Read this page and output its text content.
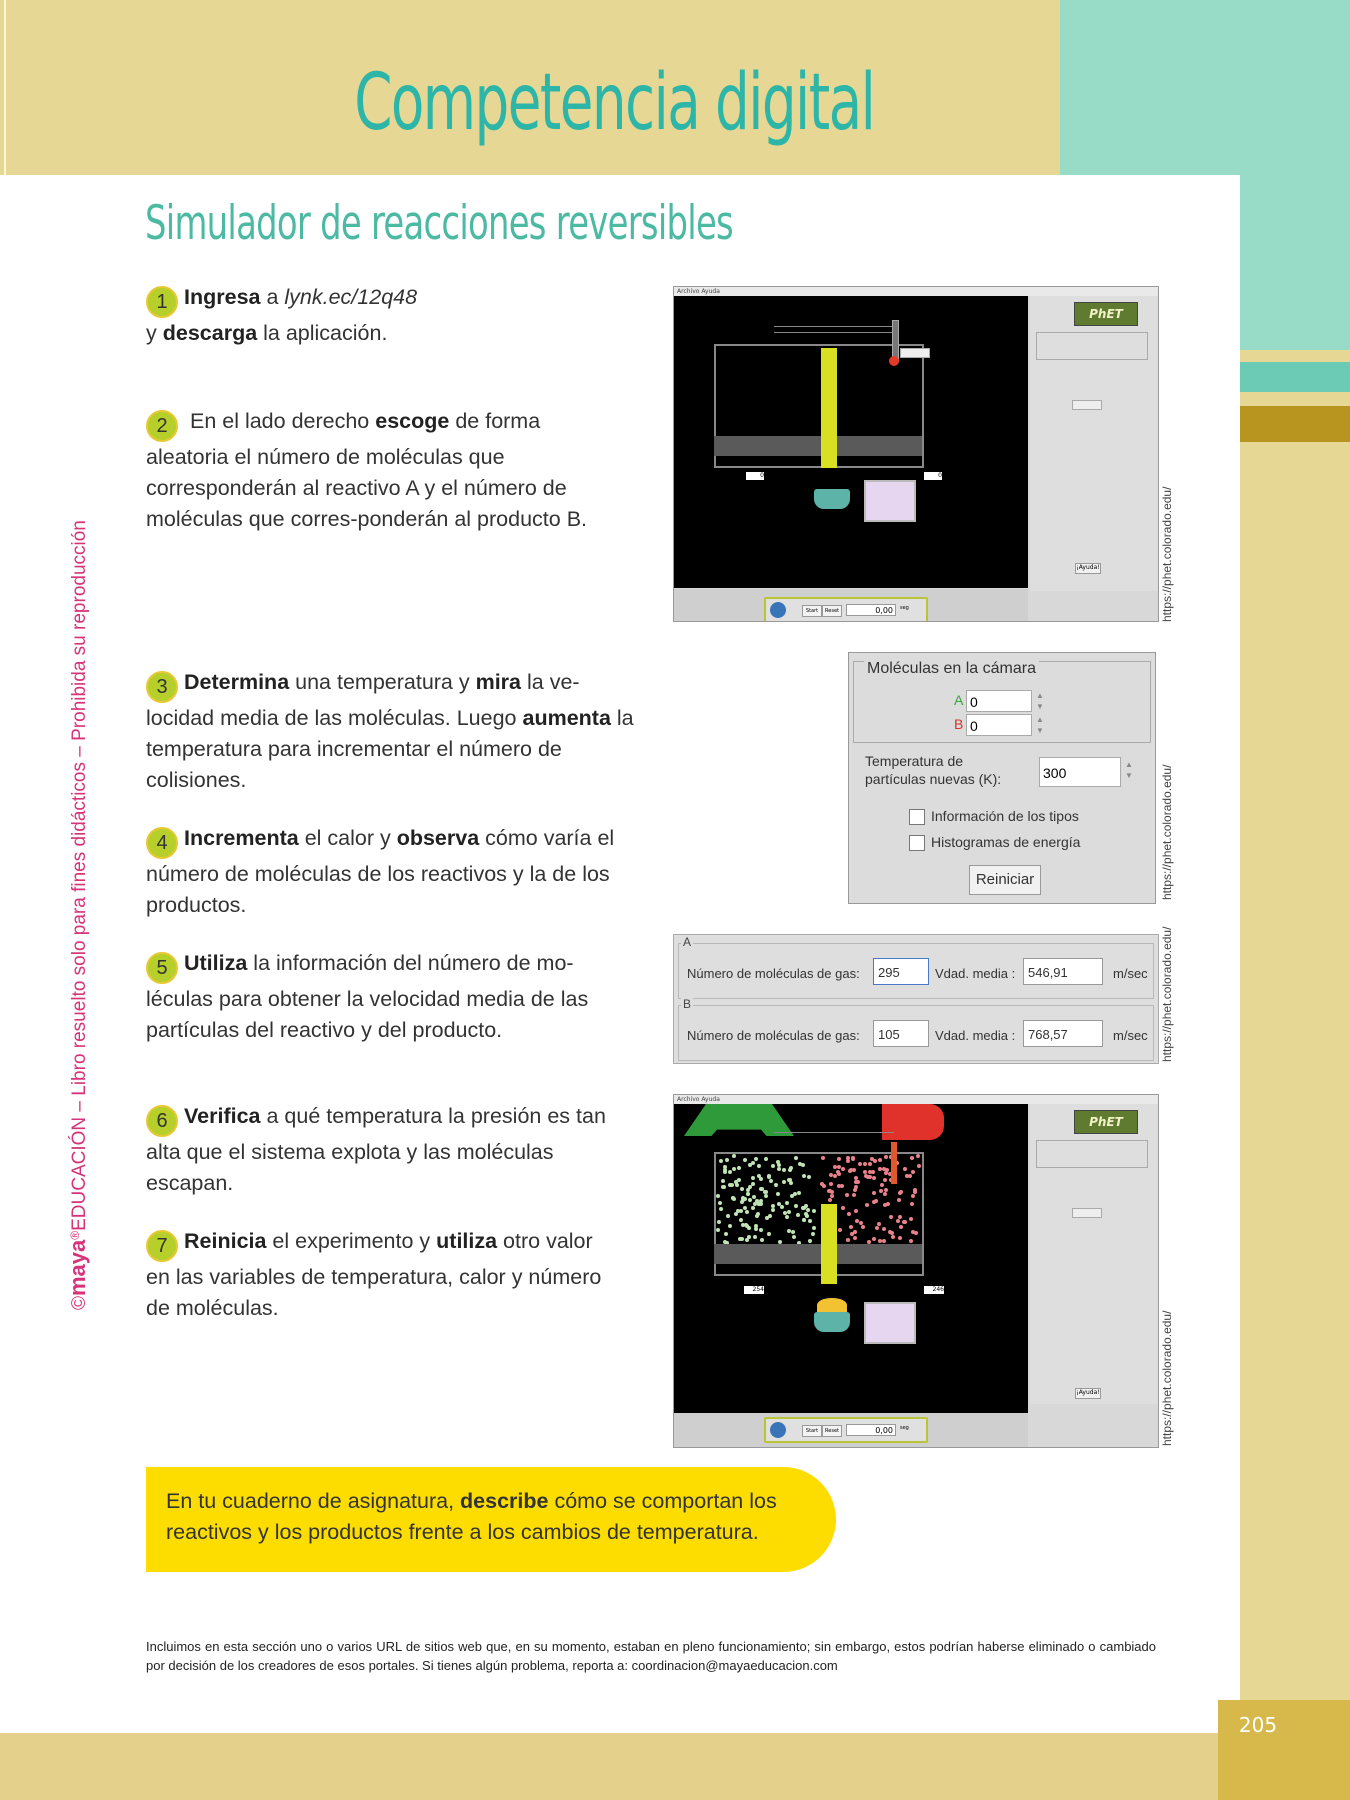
205
Competencia digital
Simulador de reacciones reversibles
©maya®EDUCACIÓN – Libro resuelto solo para fines didácticos – Prohibida su reproducción
1 Ingresa a lynk.ec/12q48
y descarga la aplicación.
2 En el lado derecho escoge de forma aleatoria el número de moléculas que corresponderán al reactivo A y el número de moléculas que corres-ponderán al producto B.
3 Determina una temperatura y mira la ve-locidad media de las moléculas. Luego aumenta la temperatura para incrementar el número de colisiones.
4 Incrementa el calor y observa cómo varía el número de moléculas de los reactivos y la de los productos.
5 Utiliza la información del número de mo-léculas para obtener la velocidad media de las partículas del reactivo y del producto.
6 Verifica a qué temperatura la presión es tan alta que el sistema explota y las moléculas escapan.
7 Reinicia el experimento y utiliza otro valor en las variables de temperatura, calor y número de moléculas.
Archivo Ayuda
0	0
PhET
¡Ayuda!
Start	Reset	0,00	seg	https://phet.colorado.edu/
Moléculas en la cámara
A 0	▲
▼
B 0	▲
▼
Temperatura de
partículas nuevas (K):	300
▲
▼
Información de los tipos
Histogramas de energía
Reiniciar	https://phet.colorado.edu/
A
Número de moléculas de gas:	295	Vdad. media : 546,91	m/sec
B
Número de moléculas de gas:	105	Vdad. media : 768,57	m/sec https://phet.colorado.edu/
Archivo Ayuda
254	246
PhET
¡Ayuda!
Start	Reset	0,00	seg	https://phet.colorado.edu/
En tu cuaderno de asignatura, describe cómo se comportan los reactivos y los productos frente a los cambios de temperatura.
Incluimos en esta sección uno o varios URL de sitios web que, en su momento, estaban en pleno funcionamiento; sin embargo, estos podrían haberse eliminado o cambiado por decisión de los creadores de esos portales. Si tienes algún problema, reporta a: coordinacion@mayaeducacion.com
